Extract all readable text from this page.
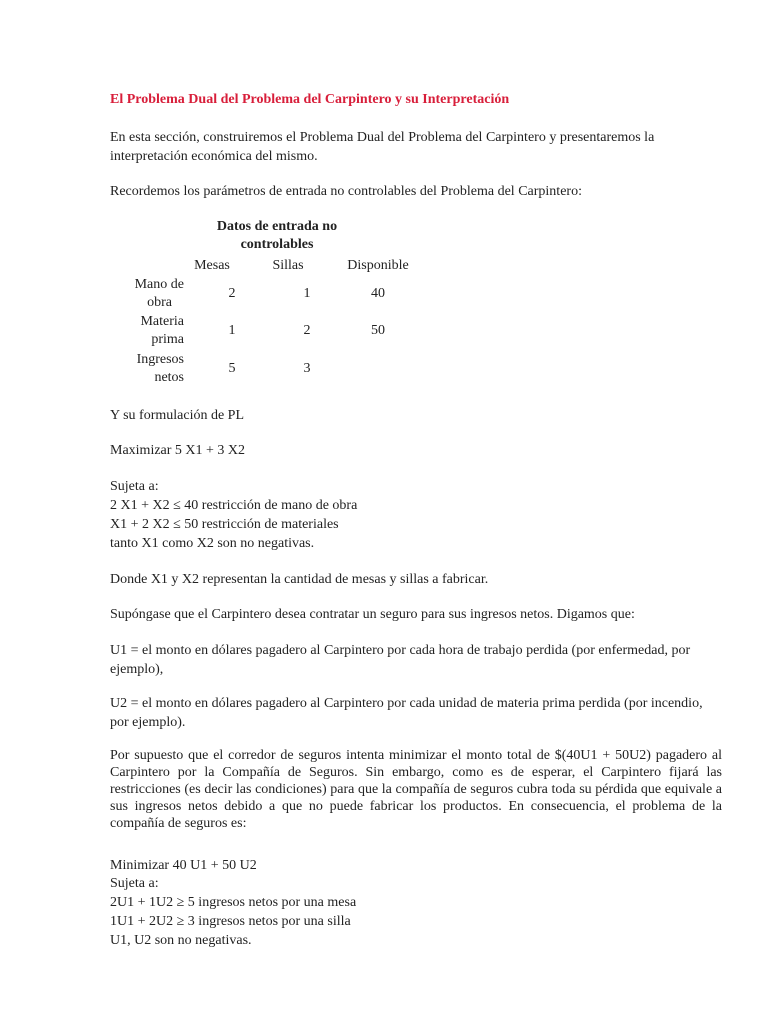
El Problema Dual del Problema del Carpintero y su Interpretación

En esta sección, construiremos el Problema Dual del Problema del Carpintero y presentaremos la interpretación económica del mismo.

Recordemos los parámetros de entrada no controlables del Problema del Carpintero:

Datos de entrada no
controlables
Mesas	Sillas	Disponible
Mano de
obra
2	1	40
Materia
prima
1	2	50
Ingresos
netos
5	3

Y su formulación de PL

Maximizar 5 X1 + 3 X2

Sujeta a:

2 X1 + X2 ≤ 40 restricción de mano de obra

X1 + 2 X2 ≤ 50 restricción de materiales

tanto X1 como X2 son no negativas.

Donde X1 y X2 representan la cantidad de mesas y sillas a fabricar.

Supóngase que el Carpintero desea contratar un seguro para sus ingresos netos. Digamos que:

U1 = el monto en dólares pagadero al Carpintero por cada hora de trabajo perdida (por enfermedad, por ejemplo),

U2 = el monto en dólares pagadero al Carpintero por cada unidad de materia prima perdida (por incendio, por ejemplo).

Por supuesto que el corredor de seguros intenta minimizar el monto total de $(40U1 + 50U2) pagadero al Carpintero por la Compañía de Seguros. Sin embargo, como es de esperar, el Carpintero fijará las restricciones (es decir las condiciones) para que la compañía de seguros cubra toda su pérdida que equivale a sus ingresos netos debido a que no puede fabricar los productos. En consecuencia, el problema de la compañía de seguros es:

Minimizar 40 U1 + 50 U2

Sujeta a:

2U1 + 1U2 ≥ 5 ingresos netos por una mesa

1U1 + 2U2 ≥ 3 ingresos netos por una silla

U1, U2 son no negativas.
